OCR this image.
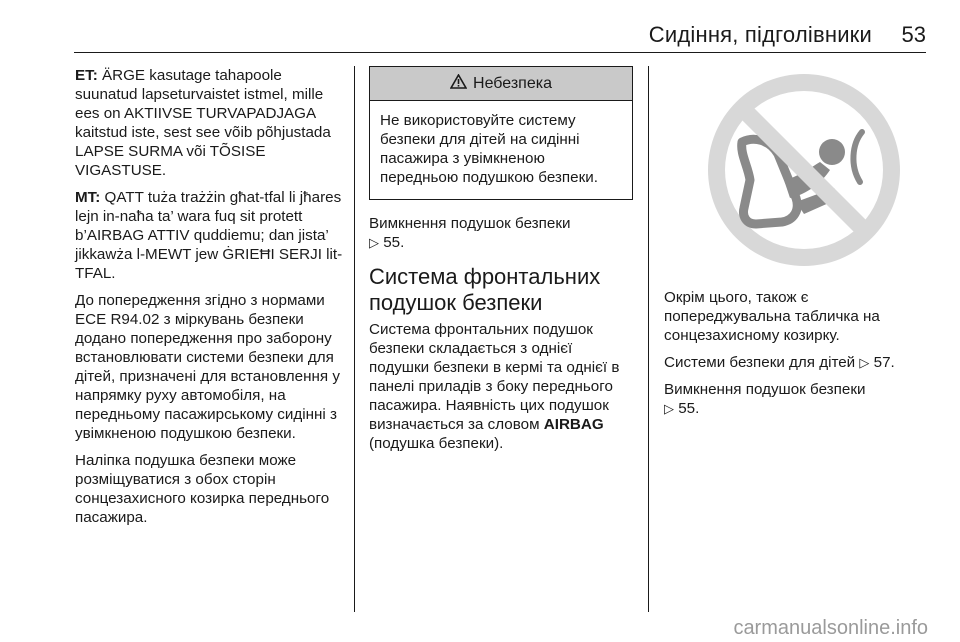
Сидіння, підголівники 53

ET: ÄRGE kasutage tahapoole suunatud lapseturvaistet istmel, mille ees on AKTIIVSE TURVAPADJAGA kaitstud iste, sest see võib põhjustada LAPSE SURMA või TÕSISE VIGASTUSE.

MT: QATT tuża trażżin għat-tfal li jħares lejn in-naħa ta’ wara fuq sit protett b’AIRBAG ATTIV quddiemu; dan jista’ jikkawża l-MEWT jew ĠRIEĦI SERJI lit-TFAL.

До попередження згідно з нормами ECE R94.02 з міркувань безпеки додано попередження про заборону встановлювати системи безпеки для дітей, призначені для встановлення у напрямку руху автомобіля, на передньому пасажирському сидінні з увімкненою подушкою безпеки.

Наліпка подушка безпеки може розміщуватися з обох сторін сонцезахисного козирка переднього пасажира.

Небезпека
Не використовуйте систему безпеки для дітей на сидінні пасажира з увімкненою передньою подушкою безпеки.

Вимкнення подушок безпеки
▷ 55.

Система фронтальних подушок безпеки

Система фронтальних подушок безпеки складається з однієї подушки безпеки в кермі та однієї в панелі приладів з боку переднього пасажира. Наявність цих подушок визначається за словом AIRBAG (подушка безпеки).

Окрім цього, також є попереджувальна табличка на сонцезахисному козирку.

Системи безпеки для дітей ▷ 57.

Вимкнення подушок безпеки
▷ 55.

carmanualsonline.info
